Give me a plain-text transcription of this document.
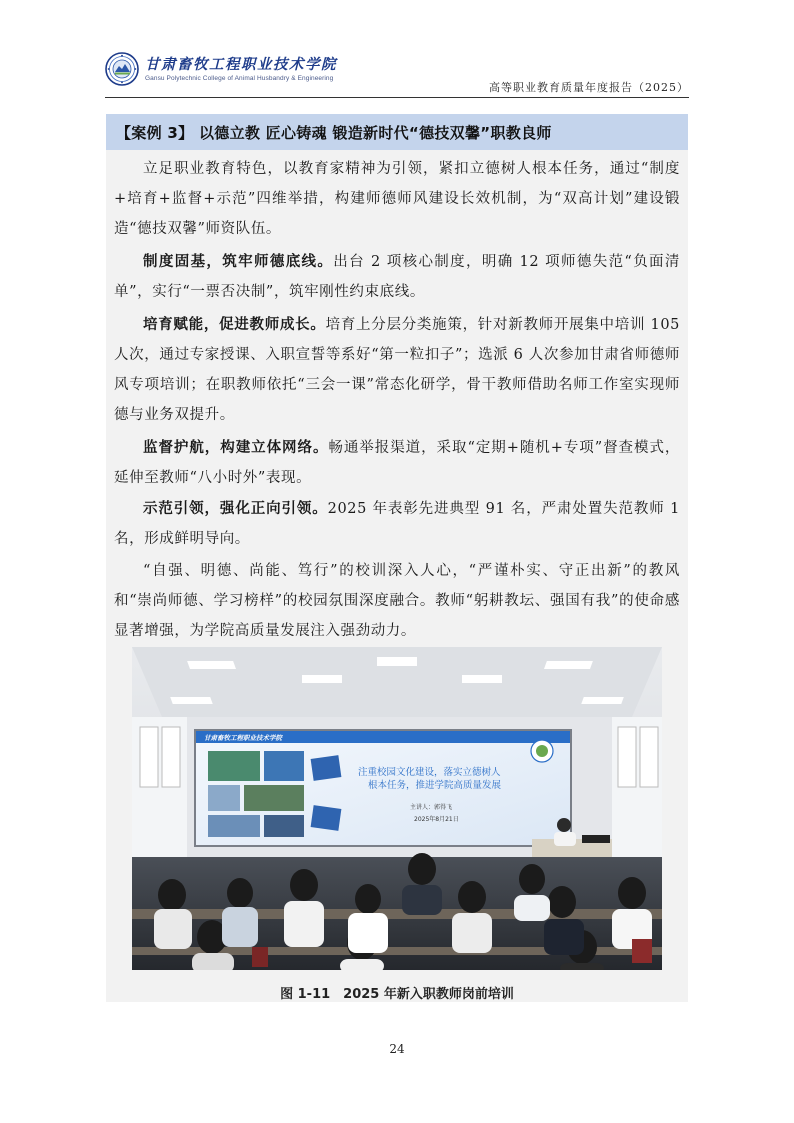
甘肃畜牧工程职业技术学院
Gansu Polytechnic College of Animal Husbandry & Engineering
高等职业教育质量年度报告（2025）
【案例 3】 以德立教 匠心铸魂 锻造新时代“德技双馨”职教良师

立足职业教育特色，以教育家精神为引领，紧扣立德树人根本任务，通过“制度+培育+监督+示范”四维举措，构建师德师风建设长效机制，为“双高计划”建设锻造“德技双馨”师资队伍。

制度固基，筑牢师德底线。出台 2 项核心制度，明确 12 项师德失范“负面清单”，实行“一票否决制”，筑牢刚性约束底线。

培育赋能，促进教师成长。培育上分层分类施策，针对新教师开展集中培训 105 人次，通过专家授课、入职宣誓等系好“第一粒扣子”；选派 6 人次参加甘肃省师德师风专项培训；在职教师依托“三会一课”常态化研学，骨干教师借助名师工作室实现师德与业务双提升。

监督护航，构建立体网络。畅通举报渠道，采取“定期+随机+专项”督查模式，延伸至教师“八小时外”表现。

示范引领，强化正向引领。2025 年表彰先进典型 91 名，严肃处置失范教师 1 名，形成鲜明导向。

“自强、明德、尚能、笃行”的校训深入人心，“严谨朴实、守正出新”的教风和“崇尚师德、学习榜样”的校园氛围深度融合。教师“躬耕教坛、强国有我”的使命感显著增强，为学院高质量发展注入强劲动力。

甘肃畜牧工程职业技术学院
注重校园文化建设，落实立德树人
根本任务，推进学院高质量发展
主讲人：郭得飞
2025年8月21日
图 1-11　2025 年新入职教师岗前培训
24
